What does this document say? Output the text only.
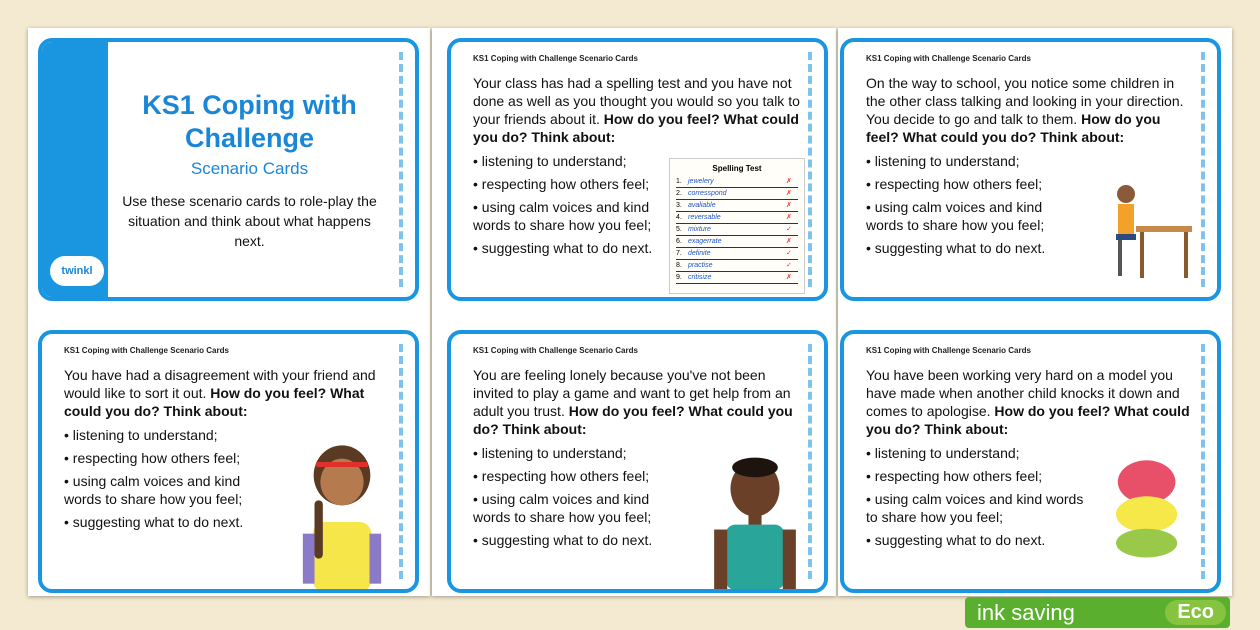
twinkl
KS1 Coping with Challenge
Scenario Cards
Use these scenario cards to role-play the situation and think about what happens next.
KS1 Coping with Challenge Scenario Cards
Your class has had a spelling test and you have not done as well as you thought you would so you talk to your friends about it. How do you feel? What could you do? Think about:
• listening to understand;
• respecting how others feel;
• using calm voices and kind words to share how you feel;
• suggesting what to do next.
Spelling Test
1. jewelery	✗
2. corresspond	✗
3. avaliable	✗
4. reversable	✗
5. mixture	✓
6. exagerrate	✗
7. definite	✓
8. practise	✓
9. critisize	✗
KS1 Coping with Challenge Scenario Cards
On the way to school, you notice some children in the other class talking and looking in your direction. You decide to go and talk to them. How do you feel? What could you do? Think about:
• listening to understand;
• respecting how others feel;
• using calm voices and kind words to share how you feel;
• suggesting what to do next.
KS1 Coping with Challenge Scenario Cards
You have had a disagreement with your friend and would like to sort it out. How do you feel? What could you do? Think about:
• listening to understand;
• respecting how others feel;
• using calm voices and kind words to share how you feel;
• suggesting what to do next.
KS1 Coping with Challenge Scenario Cards
You are feeling lonely because you've not been invited to play a game and want to get help from an adult you trust. How do you feel? What could you do? Think about:
• listening to understand;
• respecting how others feel;
• using calm voices and kind words to share how you feel;
• suggesting what to do next.
KS1 Coping with Challenge Scenario Cards
You have been working very hard on a model you have made when another child knocks it down and comes to apologise. How do you feel? What could you do? Think about:
• listening to understand;
• respecting how others feel;
• using calm voices and kind words to share how you feel;
• suggesting what to do next.
ink saving	Eco
